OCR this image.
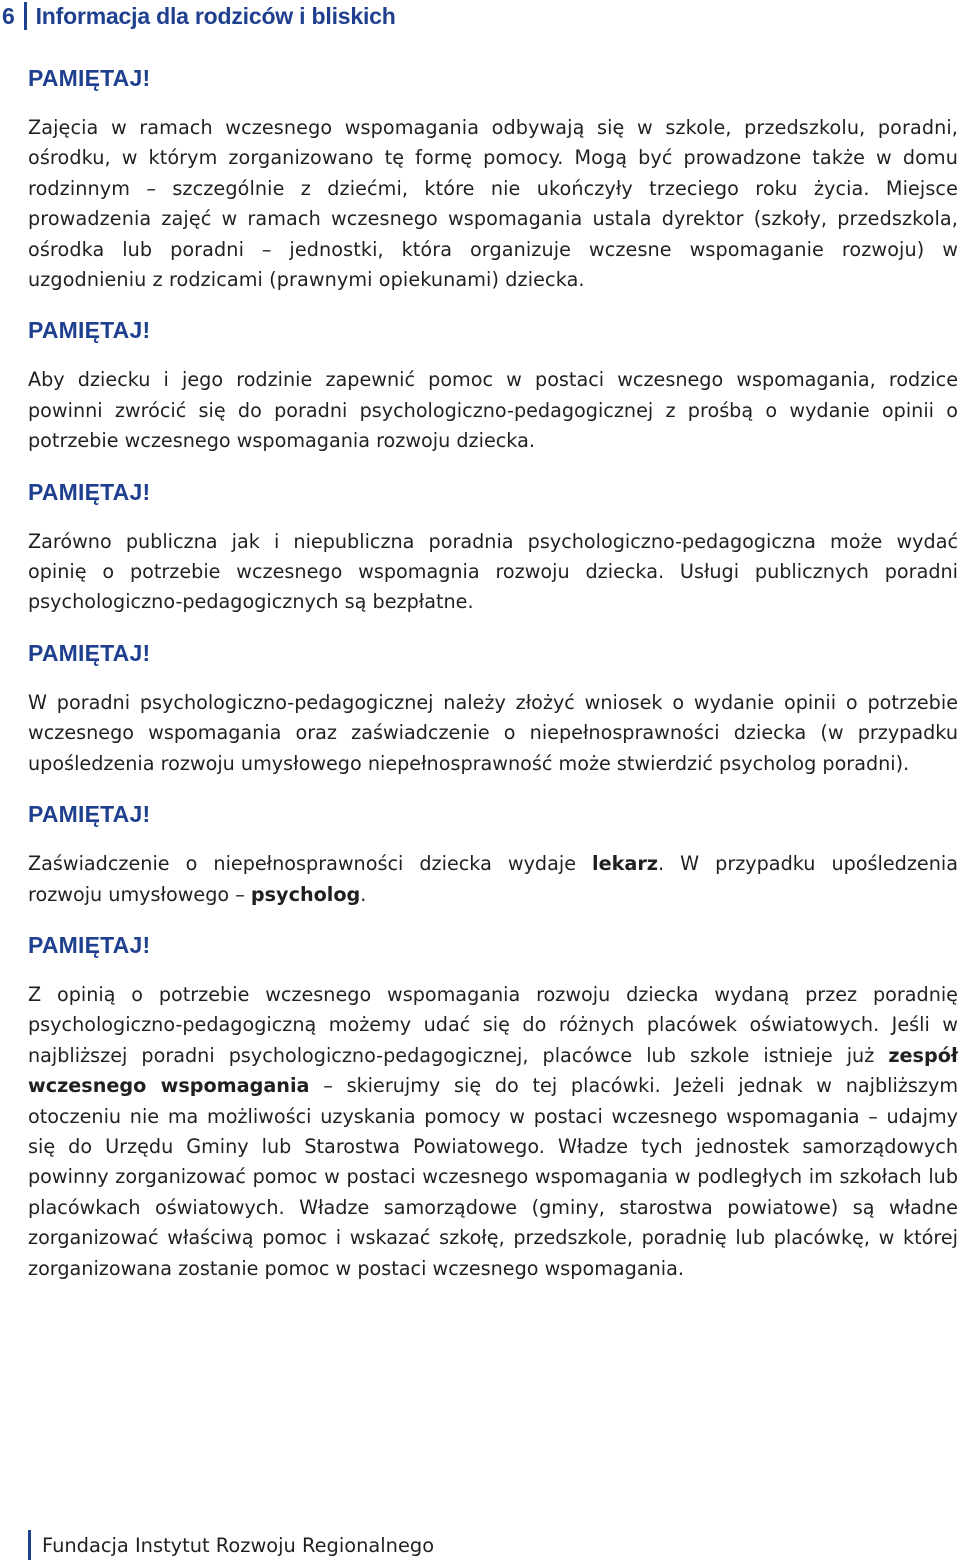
6 Informacja dla rodziców i bliskich
PAMIĘTAJ!

Zajęcia w ramach wczesnego wspomagania odbywają się w szkole, przedszkolu, poradni, ośrodku, w którym zorganizowano tę formę pomocy. Mogą być prowadzone także w domu rodzinnym – szczególnie z dziećmi, które nie ukończyły trzeciego roku życia. Miejsce prowadzenia zajęć w ramach wczesnego wspomagania ustala dyrektor (szkoły, przedszkola, ośrodka lub poradni – jednostki, która organizuje wczesne wspomaganie rozwoju) w uzgodnieniu z rodzicami (prawnymi opiekunami) dziecka.

PAMIĘTAJ!

Aby dziecku i jego rodzinie zapewnić pomoc w postaci wczesnego wspomagania, rodzice powinni zwrócić się do poradni psychologiczno-pedagogicznej z prośbą o wydanie opinii o potrzebie wczesnego wspomagania rozwoju dziecka.

PAMIĘTAJ!

Zarówno publiczna jak i niepubliczna poradnia psychologiczno-pedagogiczna może wydać opinię o potrzebie wczesnego wspomagnia rozwoju dziecka. Usługi publicznych poradni psychologiczno-pedagogicznych są bezpłatne.

PAMIĘTAJ!

W poradni psychologiczno-pedagogicznej należy złożyć wniosek o wydanie opinii o potrzebie wczesnego wspomagania oraz zaświadczenie o niepełnosprawności dziecka (w przypadku upośledzenia rozwoju umysłowego niepełnosprawność może stwierdzić psycholog poradni).

PAMIĘTAJ!

Zaświadczenie o niepełnosprawności dziecka wydaje lekarz. W przypadku upośledzenia rozwoju umysłowego – psycholog.

PAMIĘTAJ!

Z opinią o potrzebie wczesnego wspomagania rozwoju dziecka wydaną przez poradnię psychologiczno-pedagogiczną możemy udać się do różnych placówek oświatowych. Jeśli w najbliższej poradni psychologiczno-pedagogicznej, placówce lub szkole istnieje już zespół wczesnego wspomagania – skierujmy się do tej placówki. Jeżeli jednak w najbliższym otoczeniu nie ma możliwości uzyskania pomocy w postaci wczesnego wspomagania – udajmy się do Urzędu Gminy lub Starostwa Powiatowego. Władze tych jednostek samorządowych powinny zorganizować pomoc w postaci wczesnego wspomagania w podległych im szkołach lub placówkach oświatowych. Władze samorządowe (gminy, starostwa powiatowe) są władne zorganizować właściwą pomoc i wskazać szkołę, przedszkole, poradnię lub placówkę, w której zorganizowana zostanie pomoc w postaci wczesnego wspomagania.

Fundacja Instytut Rozwoju Regionalnego
